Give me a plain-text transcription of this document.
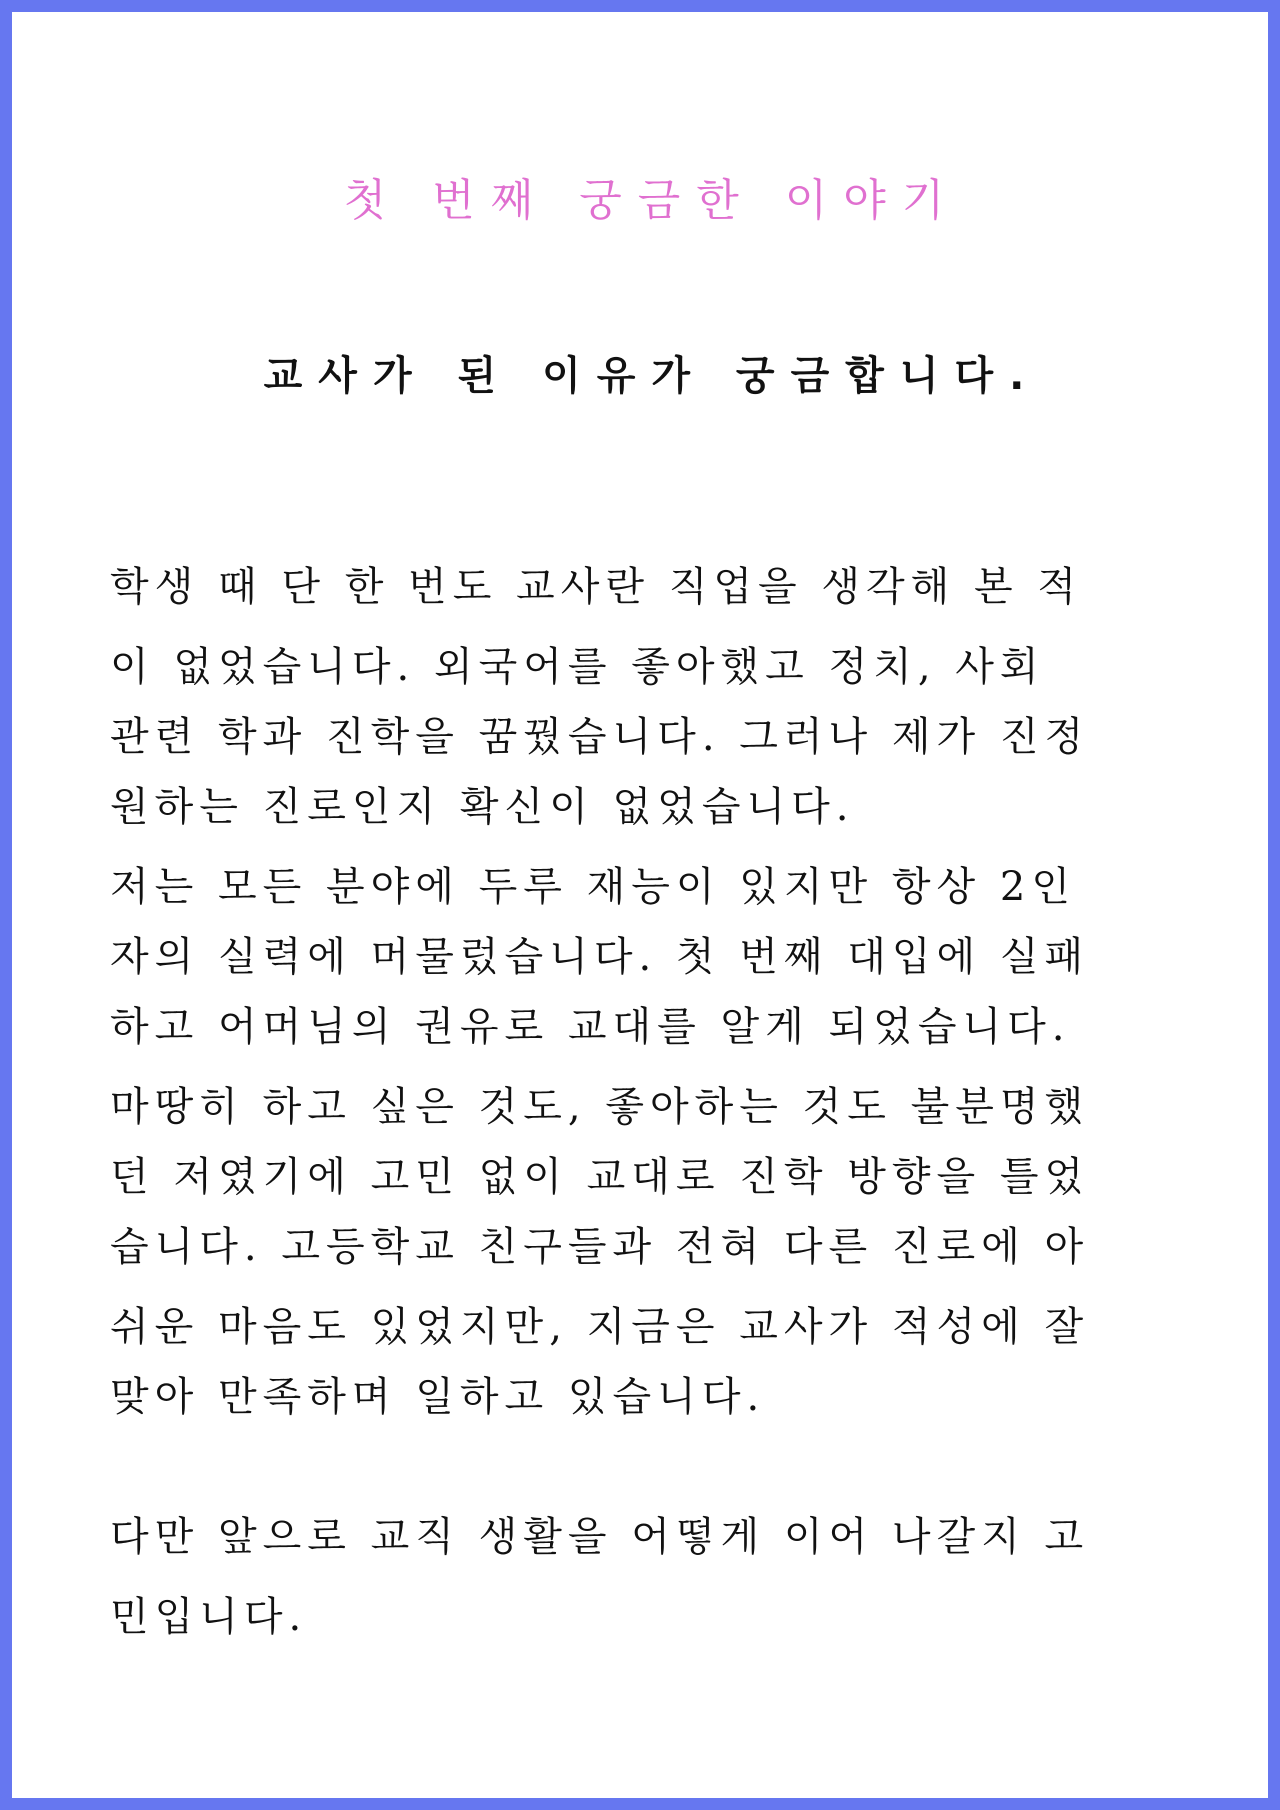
첫 번째 궁금한 이야기
교사가 된 이유가 궁금합니다.
학생 때 단 한 번도 교사란 직업을 생각해 본 적
이 없었습니다. 외국어를 좋아했고 정치, 사회
관련 학과 진학을 꿈꿨습니다. 그러나 제가 진정
원하는 진로인지 확신이 없었습니다.
저는 모든 분야에 두루 재능이 있지만 항상 2인
자의 실력에 머물렀습니다. 첫 번째 대입에 실패
하고 어머님의 권유로 교대를 알게 되었습니다.
마땅히 하고 싶은 것도, 좋아하는 것도 불분명했
던 저였기에 고민 없이 교대로 진학 방향을 틀었
습니다. 고등학교 친구들과 전혀 다른 진로에 아
쉬운 마음도 있었지만, 지금은 교사가 적성에 잘
맞아 만족하며 일하고 있습니다.
다만 앞으로 교직 생활을 어떻게 이어 나갈지 고
민입니다.
